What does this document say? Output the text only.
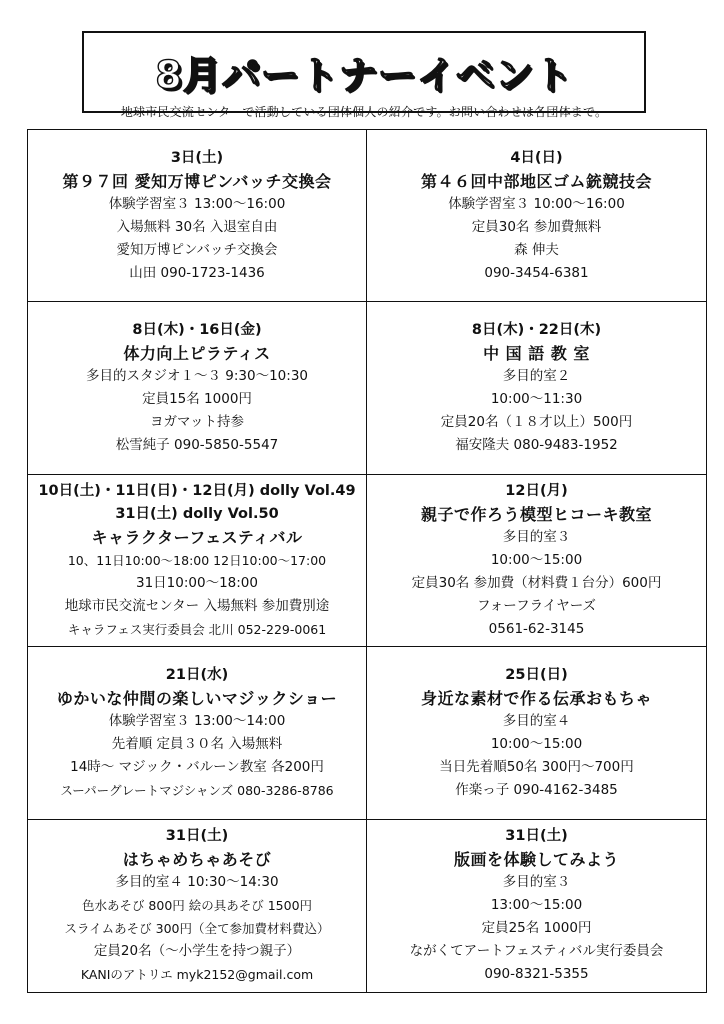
8月パートナーイベント
地球市民交流センターで活動している団体個人の紹介です。お問い合わせは各団体まで。
3日(土)
第９７回 愛知万博ピンバッチ交換会
体験学習室３ 13:00～16:00
入場無料 30名 入退室自由
愛知万博ピンバッチ交換会
山田 090-1723-1436
4日(日)
第４６回中部地区ゴム銃競技会
体験学習室３ 10:00～16:00
定員30名 参加費無料
森 伸夫
090-3454-6381
8日(木)・16日(金)
体力向上ピラティス
多目的スタジオ１～３ 9:30～10:30
定員15名 1000円
ヨガマット持参
松雪純子 090-5850-5547
8日(木)・22日(木)
中 国 語 教 室
多目的室２
10:00～11:30
定員20名（１８才以上）500円
福安隆夫 080-9483-1952
10日(土)・11日(日)・12日(月) dolly Vol.49
31日(土) dolly Vol.50
キャラクターフェスティバル
10、11日10:00～18:00 12日10:00～17:00
31日10:00～18:00
地球市民交流センター 入場無料 参加費別途
キャラフェス実行委員会 北川 052-229-0061
12日(月)
親子で作ろう模型ヒコーキ教室
多目的室３
10:00～15:00
定員30名 参加費（材料費１台分）600円
フォーフライヤーズ
0561-62-3145
21日(水)
ゆかいな仲間の楽しいマジックショー
体験学習室３ 13:00～14:00
先着順 定員３０名 入場無料
14時～ マジック・バルーン教室 各200円
スーパーグレートマジシャンズ 080-3286-8786
25日(日)
身近な素材で作る伝承おもちゃ
多目的室４
10:00～15:00
当日先着順50名 300円～700円
作楽っ子 090-4162-3485
31日(土)
はちゃめちゃあそび
多目的室４ 10:30～14:30
色水あそび 800円 絵の具あそび 1500円
スライムあそび 300円（全て参加費材料費込）
定員20名（～小学生を持つ親子）
KANIのアトリエ myk2152@gmail.com
31日(土)
版画を体験してみよう
多目的室３
13:00～15:00
定員25名 1000円
ながくてアートフェスティバル実行委員会
090-8321-5355
